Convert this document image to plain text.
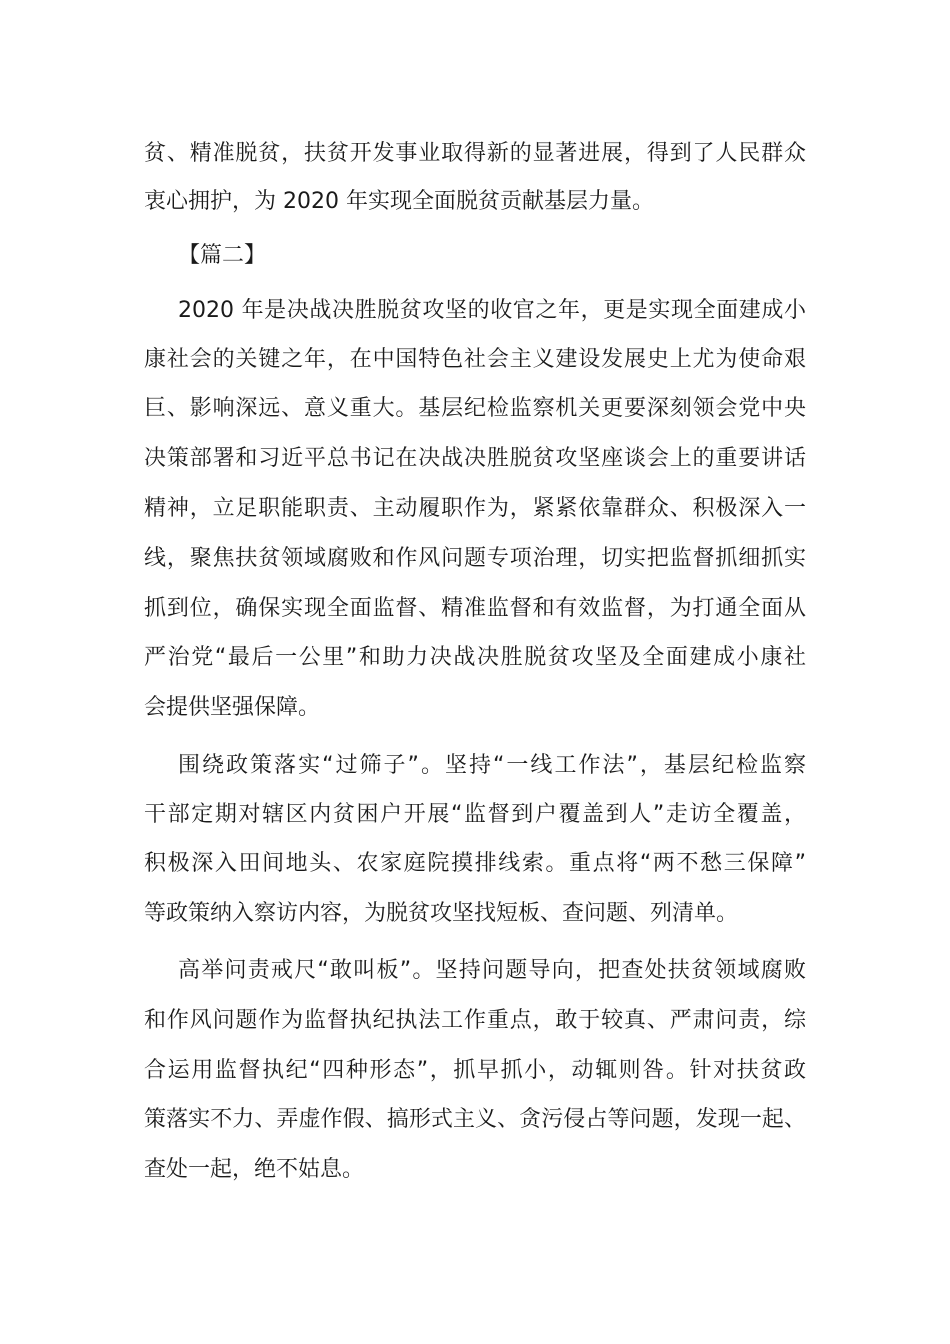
贫、精准脱贫，扶贫开发事业取得新的显著进展，得到了人民群众
衷心拥护，为 2020 年实现全面脱贫贡献基层力量。
【篇二】
2020 年是决战决胜脱贫攻坚的收官之年，更是实现全面建成小
康社会的关键之年，在中国特色社会主义建设发展史上尤为使命艰
巨、影响深远、意义重大。基层纪检监察机关更要深刻领会党中央
决策部署和习近平总书记在决战决胜脱贫攻坚座谈会上的重要讲话
精神，立足职能职责、主动履职作为，紧紧依靠群众、积极深入一
线，聚焦扶贫领域腐败和作风问题专项治理，切实把监督抓细抓实
抓到位，确保实现全面监督、精准监督和有效监督，为打通全面从
严治党“最后一公里”和助力决战决胜脱贫攻坚及全面建成小康社
会提供坚强保障。
围绕政策落实“过筛子”。坚持“一线工作法”，基层纪检监察
干部定期对辖区内贫困户开展“监督到户覆盖到人”走访全覆盖，
积极深入田间地头、农家庭院摸排线索。重点将“两不愁三保障”
等政策纳入察访内容，为脱贫攻坚找短板、查问题、列清单。
高举问责戒尺“敢叫板”。坚持问题导向，把查处扶贫领域腐败
和作风问题作为监督执纪执法工作重点，敢于较真、严肃问责，综
合运用监督执纪“四种形态”，抓早抓小，动辄则咎。针对扶贫政
策落实不力、弄虚作假、搞形式主义、贪污侵占等问题，发现一起、
查处一起，绝不姑息。
